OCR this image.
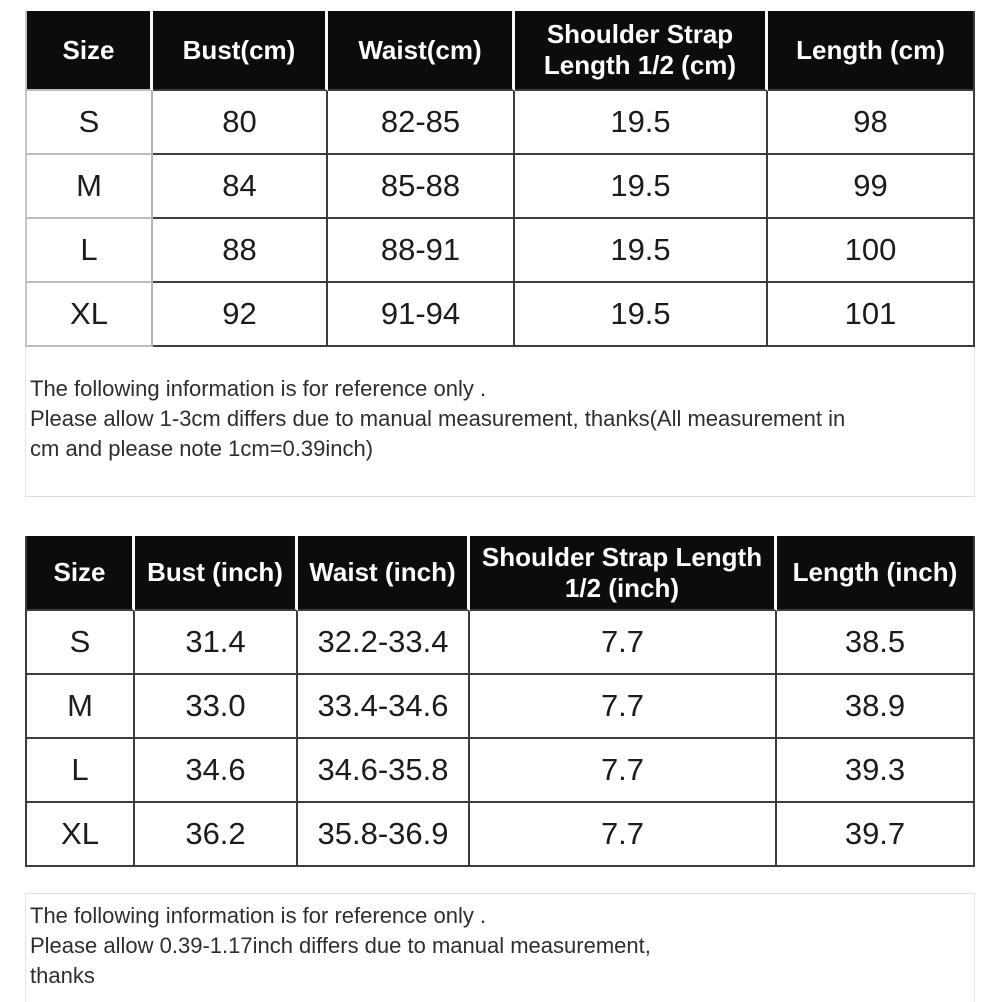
Size	Bust(cm)	Waist(cm)	Shoulder Strap Length 1/2 (cm)	Length (cm)
S	80	82-85	19.5	98
M	84	85-88	19.5	99
L	88	88-91	19.5	100
XL	92	91-94	19.5	101
The following information is for reference only .
Please allow 1-3cm differs due to manual measurement, thanks(All measurement in
cm and please note 1cm=0.39inch)
Size	Bust (inch)	Waist (inch)	Shoulder Strap Length 1/2 (inch)	Length (inch)
S	31.4	32.2-33.4	7.7	38.5
M	33.0	33.4-34.6	7.7	38.9
L	34.6	34.6-35.8	7.7	39.3
XL	36.2	35.8-36.9	7.7	39.7
The following information is for reference only .
Please allow 0.39-1.17inch differs due to manual measurement,
thanks
